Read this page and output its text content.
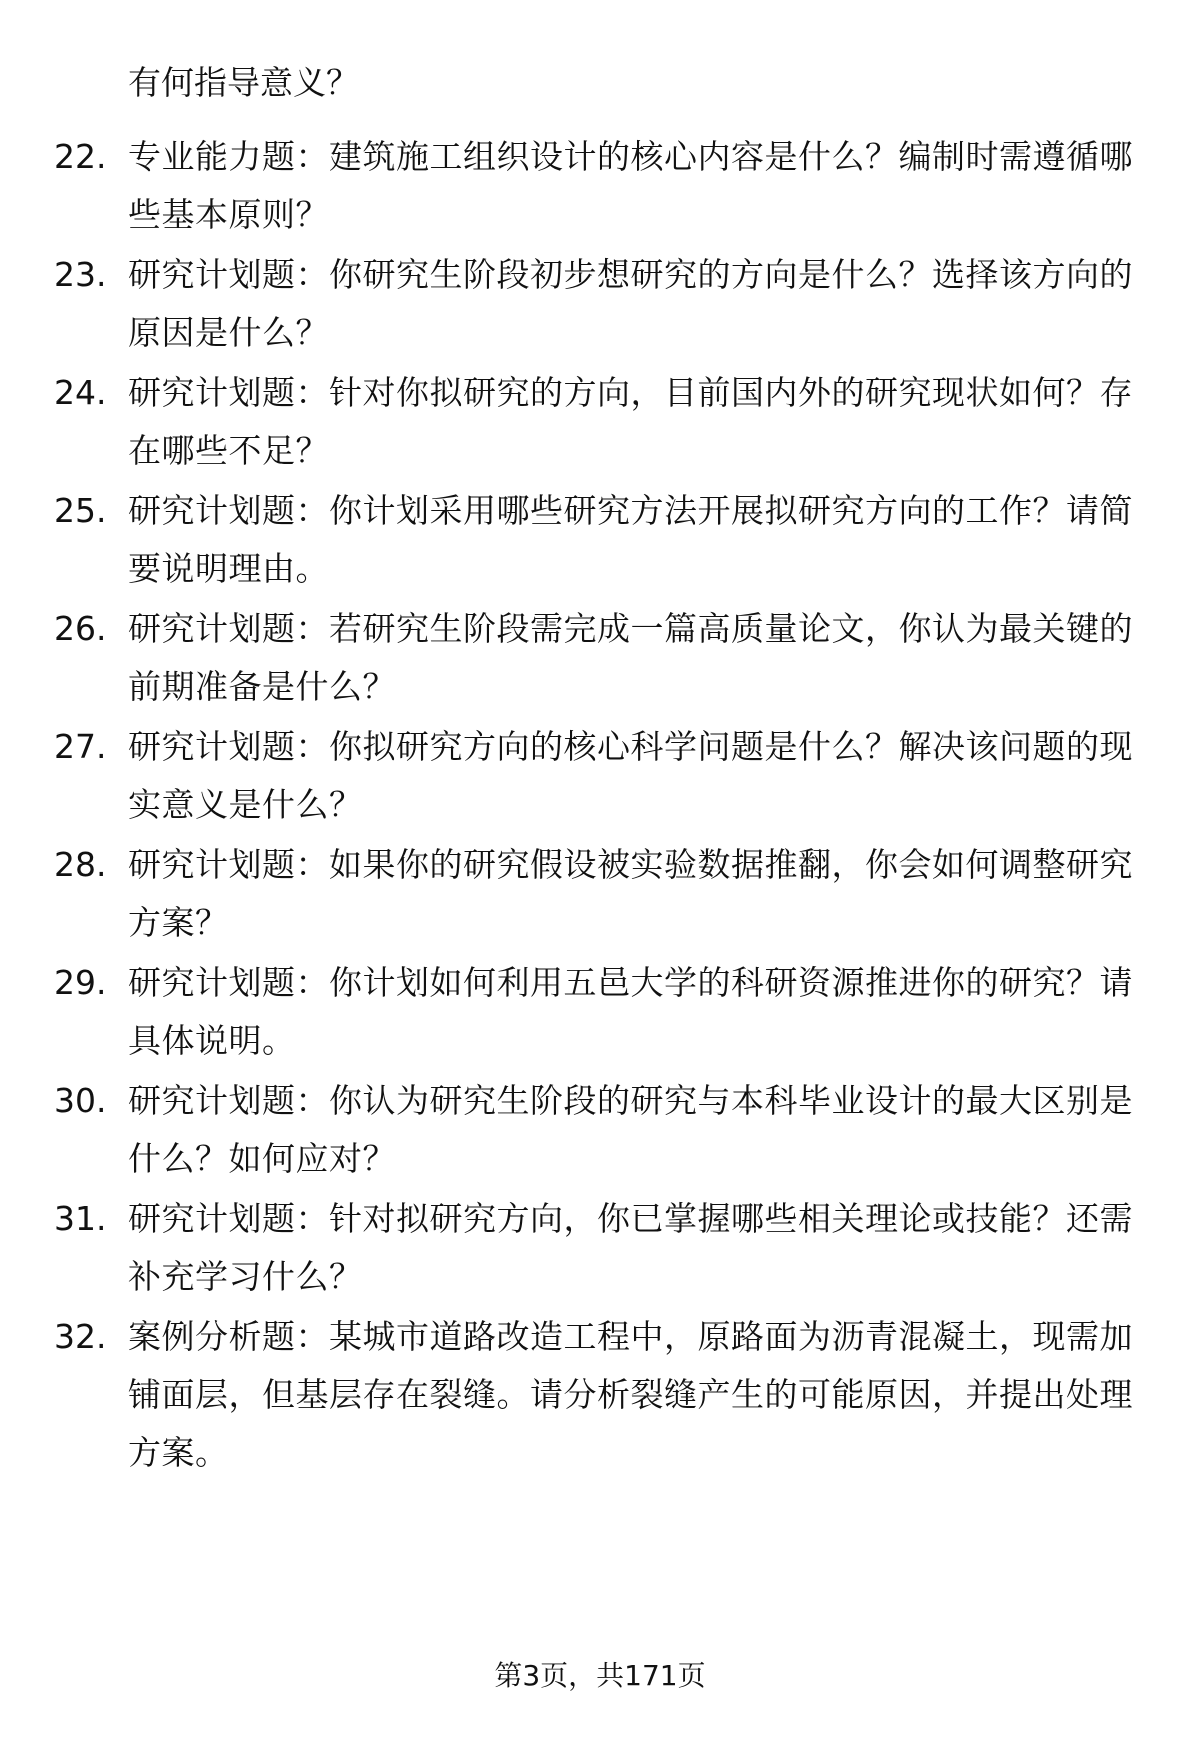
有何指导意义？
22. 专业能力题：建筑施工组织设计的核心内容是什么？编制时需遵循哪些基本原则？
23. 研究计划题：你研究生阶段初步想研究的方向是什么？选择该方向的原因是什么？
24. 研究计划题：针对你拟研究的方向，目前国内外的研究现状如何？存在哪些不足？
25. 研究计划题：你计划采用哪些研究方法开展拟研究方向的工作？请简要说明理由。
26. 研究计划题：若研究生阶段需完成一篇高质量论文，你认为最关键的前期准备是什么？
27. 研究计划题：你拟研究方向的核心科学问题是什么？解决该问题的现实意义是什么？
28. 研究计划题：如果你的研究假设被实验数据推翻，你会如何调整研究方案？
29. 研究计划题：你计划如何利用五邑大学的科研资源推进你的研究？请具体说明。
30. 研究计划题：你认为研究生阶段的研究与本科毕业设计的最大区别是什么？如何应对？
31. 研究计划题：针对拟研究方向，你已掌握哪些相关理论或技能？还需补充学习什么？
32. 案例分析题：某城市道路改造工程中，原路面为沥青混凝土，现需加铺面层，但基层存在裂缝。请分析裂缝产生的可能原因，并提出处理方案。
第3页，共171页
